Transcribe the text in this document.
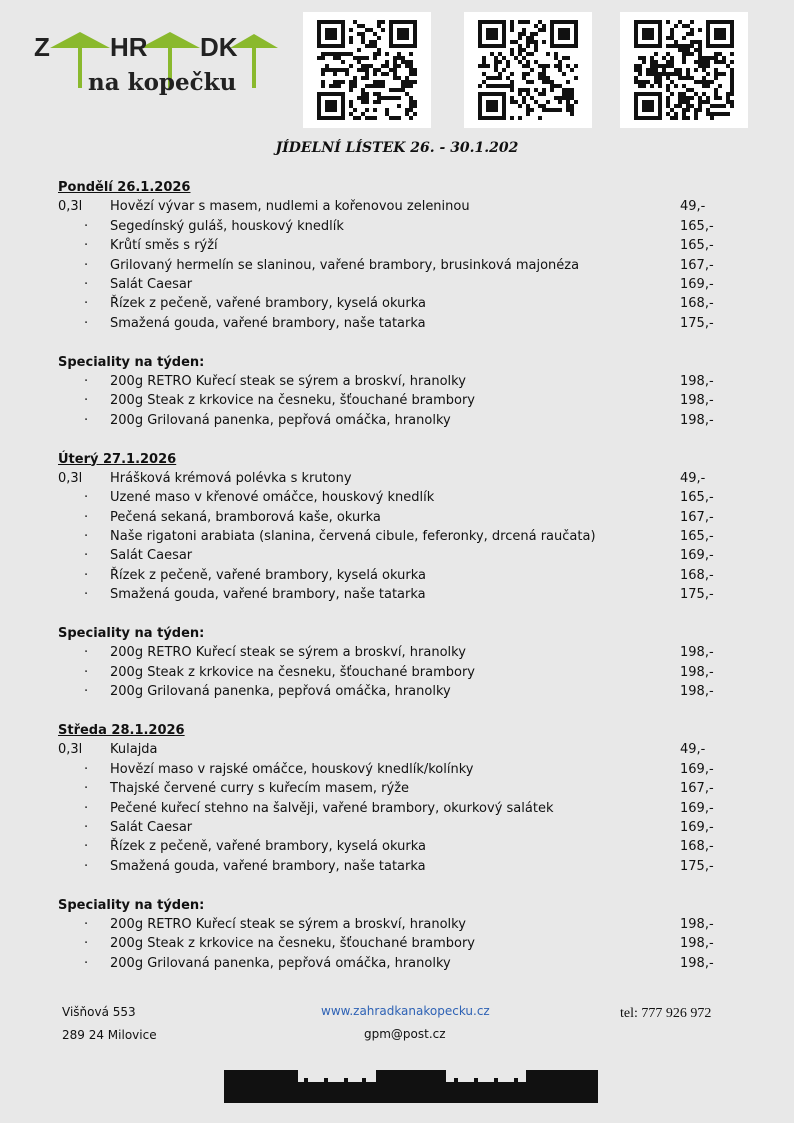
Z HR DK
na kopečku
JÍDELNÍ LÍSTEK 26. - 30.1.202
Pondělí 26.1.2026
0,3l	Hovězí vývar s masem, nudlemi a kořenovou zeleninou	49,-
· Segedínský guláš, houskový knedlík	165,-
· Krůtí směs s rýží	165,-
· Grilovaný hermelín se slaninou, vařené brambory, brusinková majonéza	167,-
· Salát Caesar	169,-
· Řízek z pečeně, vařené brambory, kyselá okurka	168,-
· Smažená gouda, vařené brambory, naše tatarka	175,-
Speciality na týden:
· 200g RETRO Kuřecí steak se sýrem a broskví, hranolky	198,-
· 200g Steak z krkovice na česneku, šťouchané brambory	198,-
· 200g Grilovaná panenka, pepřová omáčka, hranolky	198,-
Úterý 27.1.2026
0,3l	Hrášková krémová polévka s krutony	49,-
· Uzené maso v křenové omáčce, houskový knedlík	165,-
· Pečená sekaná, bramborová kaše, okurka	167,-
· Naše rigatoni arabiata (slanina, červená cibule, feferonky, drcená raučata)	165,-
· Salát Caesar	169,-
· Řízek z pečeně, vařené brambory, kyselá okurka	168,-
· Smažená gouda, vařené brambory, naše tatarka	175,-
Speciality na týden:
· 200g RETRO Kuřecí steak se sýrem a broskví, hranolky	198,-
· 200g Steak z krkovice na česneku, šťouchané brambory	198,-
· 200g Grilovaná panenka, pepřová omáčka, hranolky	198,-
Středa 28.1.2026
0,3l	Kulajda	49,-
· Hovězí maso v rajské omáčce, houskový knedlík/kolínky	169,-
· Thajské červené curry s kuřecím masem, rýže	167,-
· Pečené kuřecí stehno na šalvěji, vařené brambory, okurkový salátek	169,-
· Salát Caesar	169,-
· Řízek z pečeně, vařené brambory, kyselá okurka	168,-
· Smažená gouda, vařené brambory, naše tatarka	175,-
Speciality na týden:
· 200g RETRO Kuřecí steak se sýrem a broskví, hranolky	198,-
· 200g Steak z krkovice na česneku, šťouchané brambory	198,-
· 200g Grilovaná panenka, pepřová omáčka, hranolky	198,-
Višňová 553
289 24 Milovice
www.zahradkanakopecku.cz
gpm@post.cz
tel: 777 926 972
